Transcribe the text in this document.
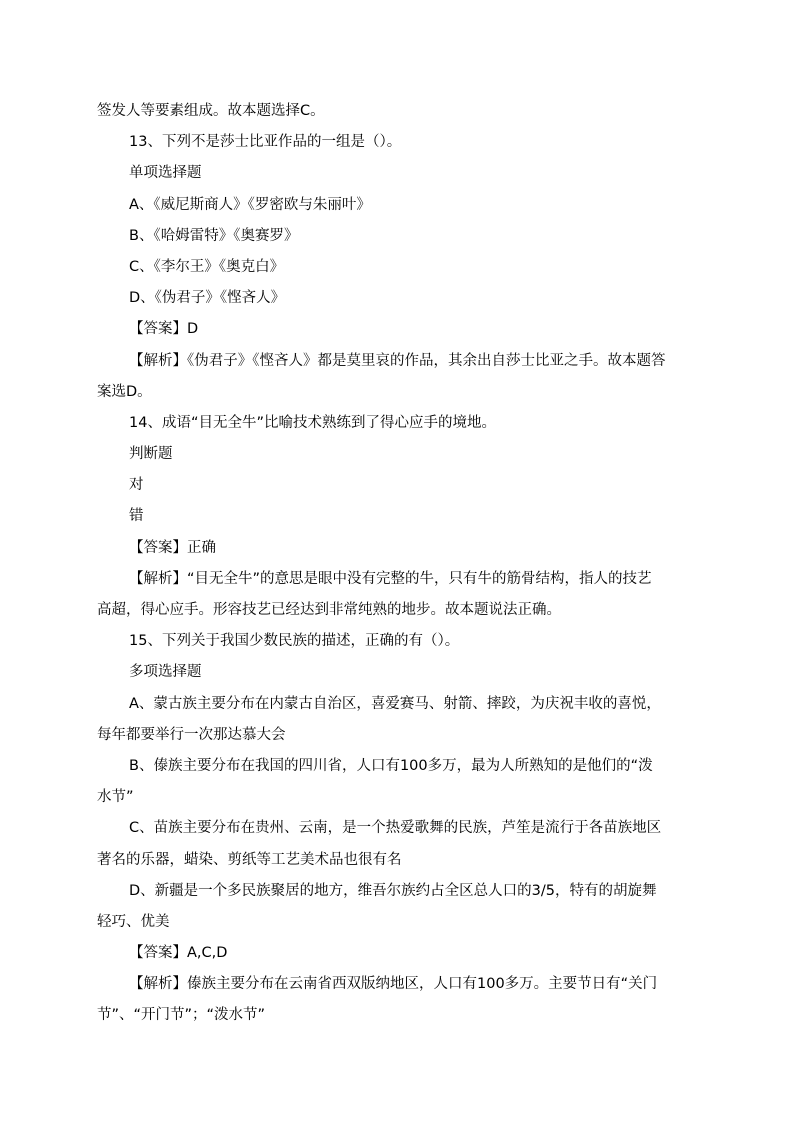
签发人等要素组成。故本题选择C。
13、下列不是莎士比亚作品的一组是（）。
单项选择题
A、《威尼斯商人》《罗密欧与朱丽叶》
B、《哈姆雷特》《奥赛罗》
C、《李尔王》《奥克白》
D、《伪君子》《悭吝人》
【答案】D
【解析】《伪君子》《悭吝人》都是莫里哀的作品，其余出自莎士比亚之手。故本题答
案选D。
14、成语“目无全牛”比喻技术熟练到了得心应手的境地。
判断题
对
错
【答案】正确
【解析】“目无全牛”的意思是眼中没有完整的牛，只有牛的筋骨结构，指人的技艺
高超，得心应手。形容技艺已经达到非常纯熟的地步。故本题说法正确。
15、下列关于我国少数民族的描述，正确的有（）。
多项选择题
A、蒙古族主要分布在内蒙古自治区，喜爱赛马、射箭、摔跤，为庆祝丰收的喜悦，
每年都要举行一次那达慕大会
B、傣族主要分布在我国的四川省，人口有100多万，最为人所熟知的是他们的“泼
水节”
C、苗族主要分布在贵州、云南，是一个热爱歌舞的民族，芦笙是流行于各苗族地区
著名的乐器，蜡染、剪纸等工艺美术品也很有名
D、新疆是一个多民族聚居的地方，维吾尔族约占全区总人口的3/5，特有的胡旋舞
轻巧、优美
【答案】A,C,D
【解析】傣族主要分布在云南省西双版纳地区，人口有100多万。主要节日有“关门
节”、“开门节”；“泼水节”
